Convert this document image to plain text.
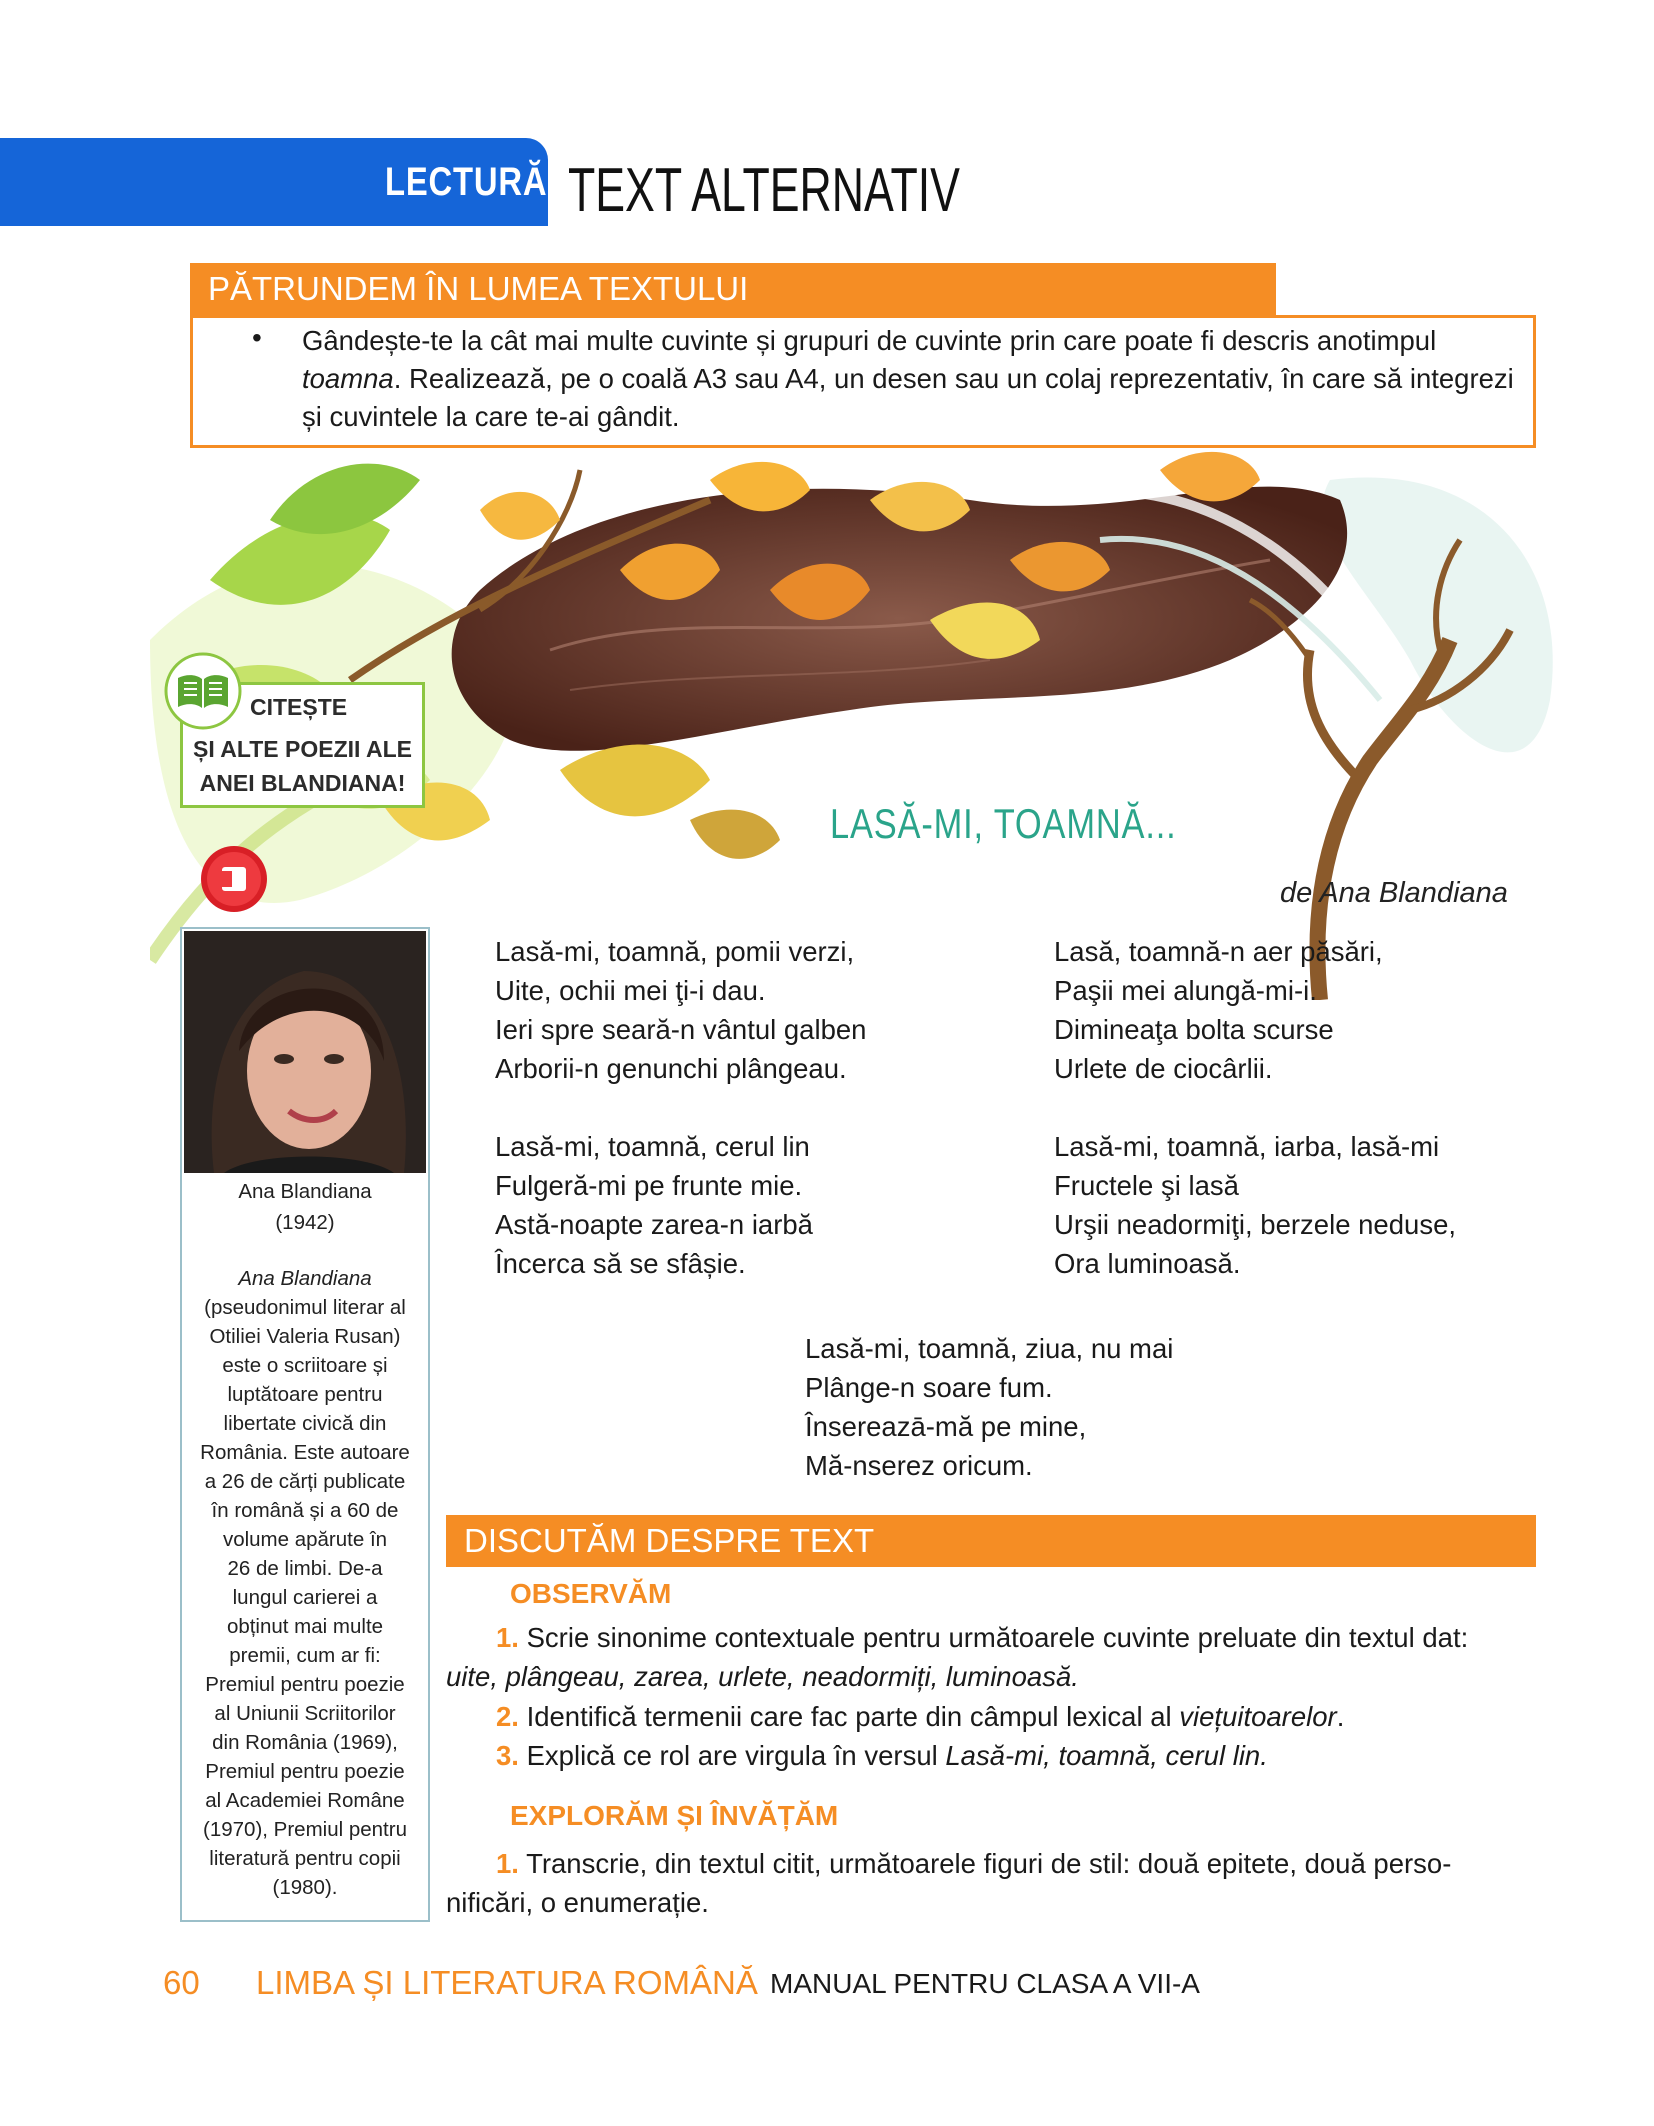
LECTURĂ TEXT ALTERNATIV
PĂTRUNDEM ÎN LUMEA TEXTULUI
• Gândește-te la cât mai multe cuvinte și grupuri de cuvinte prin care poate fi descris anotimpul toamna. Realizează, pe o coală A3 sau A4, un desen sau un colaj reprezentativ, în care să integrezi și cuvintele la care te-ai gândit.
CITEȘTE
ȘI ALTE POEZII ALE
ANEI BLANDIANA!
Ana Blandiana
(1942)
Ana Blandiana
(pseudonimul literar al
Otiliei Valeria Rusan)
este o scriitoare și
luptătoare pentru
libertate civică din
România. Este autoare
a 26 de cărți publicate
în română și a 60 de
volume apărute în
26 de limbi. De-a
lungul carierei a
obținut mai multe
premii, cum ar fi:
Premiul pentru poezie
al Uniunii Scriitorilor
din România (1969),
Premiul pentru poezie
al Academiei Române
(1970), Premiul pentru
literatură pentru copii
(1980).
LASĂ-MI, TOAMNĂ...
de Ana Blandiana
Lasă-mi, toamnă, pomii verzi,
Uite, ochii mei ţi-i dau.
Ieri spre seară-n vântul galben
Arborii-n genunchi plângeau.
Lasă-mi, toamnă, cerul lin
Fulgeră-mi pe frunte mie.
Astă-noapte zarea-n iarbă
Încerca să se sfâșie.
Lasă, toamnă-n aer păsări,
Paşii mei alungă-mi-i.
Dimineaţa bolta scurse
Urlete de ciocârlii.
Lasă-mi, toamnă, iarba, lasă-mi
Fructele şi lasă
Urşii neadormiţi, berzele neduse,
Ora luminoasă.
Lasă-mi, toamnă, ziua, nu mai
Plânge-n soare fum.
Însereazā-mă pe mine,
Mă-nserez oricum.
DISCUTĂM DESPRE TEXT
OBSERVĂM
1. Scrie sinonime contextuale pentru următoarele cuvinte preluate din textul dat:
uite, plângeau, zarea, urlete, neadormiți, luminoasă.
2. Identifică termenii care fac parte din câmpul lexical al viețuitoarelor.
3. Explică ce rol are virgula în versul Lasă-mi, toamnă, cerul lin.
EXPLORĂM ȘI ÎNVĂȚĂM
1. Transcrie, din textul citit, următoarele figuri de stil: două epitete, două perso-
nificări, o enumerație.
60 LIMBA ȘI LITERATURA ROMÂNĂ MANUAL PENTRU CLASA A VII-A
